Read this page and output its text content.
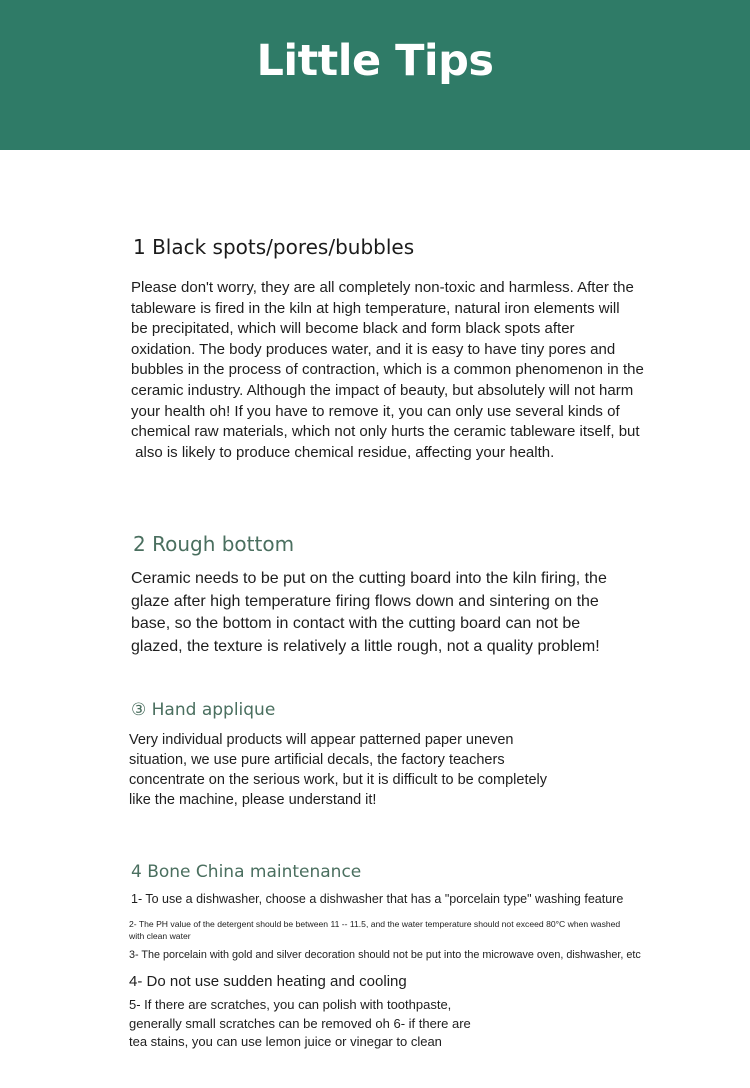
Little Tips
1 Black spots/pores/bubbles
Please don't worry, they are all completely non-toxic and harmless. After the
tableware is fired in the kiln at high temperature, natural iron elements will
be precipitated, which will become black and form black spots after
oxidation. The body produces water, and it is easy to have tiny pores and
bubbles in the process of contraction, which is a common phenomenon in the
ceramic industry. Although the impact of beauty, but absolutely will not harm
your health oh! If you have to remove it, you can only use several kinds of
chemical raw materials, which not only hurts the ceramic tableware itself, but
also is likely to produce chemical residue, affecting your health.
2 Rough bottom
Ceramic needs to be put on the cutting board into the kiln firing, the
glaze after high temperature firing flows down and sintering on the
base, so the bottom in contact with the cutting board can not be
glazed, the texture is relatively a little rough, not a quality problem!
③ Hand applique
Very individual products will appear patterned paper uneven
situation, we use pure artificial decals, the factory teachers
concentrate on the serious work, but it is difficult to be completely
like the machine, please understand it!
4 Bone China maintenance
1- To use a dishwasher, choose a dishwasher that has a "porcelain type" washing feature
2- The PH value of the detergent should be between 11 -- 11.5, and the water temperature should not exceed 80°C when washed
with clean water
3- The porcelain with gold and silver decoration should not be put into the microwave oven, dishwasher, etc
4- Do not use sudden heating and cooling
5- If there are scratches, you can polish with toothpaste,
generally small scratches can be removed oh 6- if there are
tea stains, you can use lemon juice or vinegar to clean
